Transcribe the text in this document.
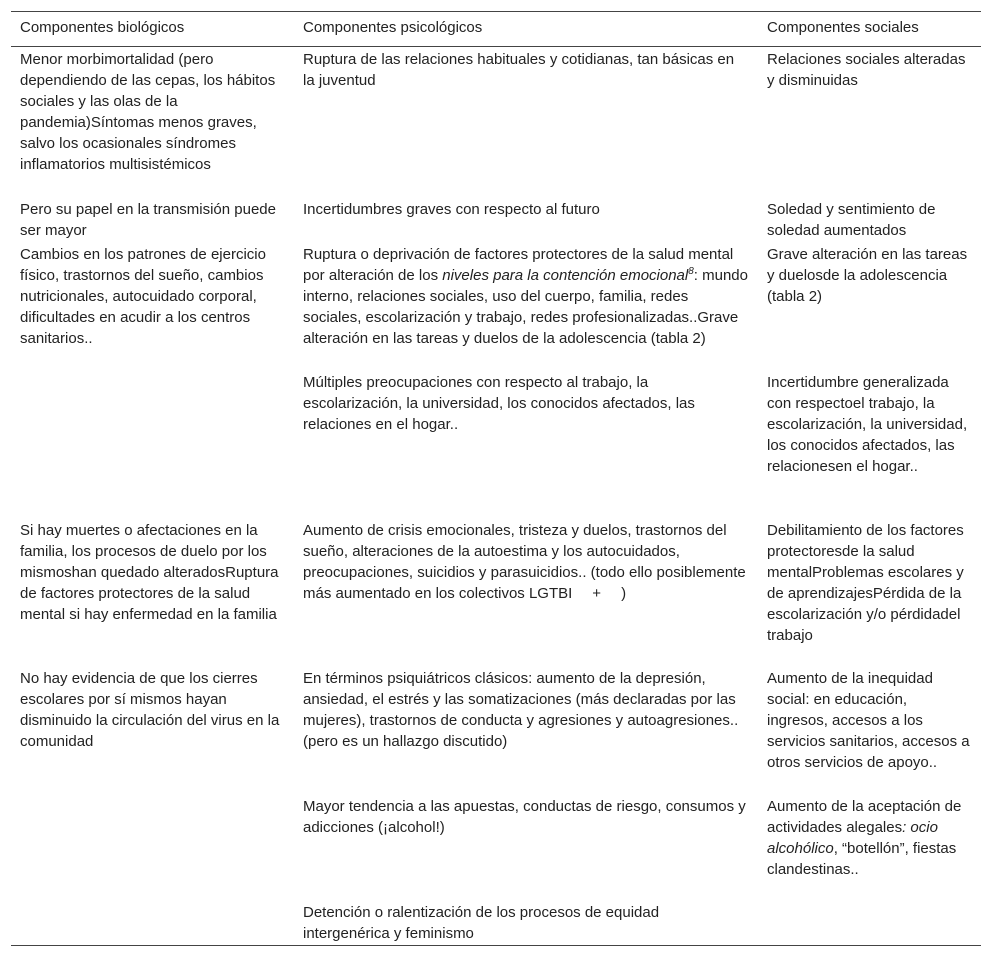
Componentes biológicos	Componentes psicológicos	Componentes sociales
Menor morbimortalidad (pero dependiendo de las cepas, los hábitos sociales y las olas de la pandemia)Síntomas menos graves, salvo los ocasionales síndromes inflamatorios multisistémicos	Ruptura de las relaciones habituales y cotidianas, tan básicas en la juventud	Relaciones sociales alteradas y disminuidas
Pero su papel en la transmisión puede ser mayor	Incertidumbres graves con respecto al futuro	Soledad y sentimiento de soledad aumentados
Cambios en los patrones de ejercicio físico, trastornos del sueño, cambios nutricionales, autocuidado corporal, dificultades en acudir a los centros sanitarios..	Ruptura o deprivación de factores protectores de la salud mental por alteración de los niveles para la contención emocional$^8$: mundo interno, relaciones sociales, uso del cuerpo, familia, redes sociales, escolarización y trabajo, redes profesionalizadas..Grave alteración en las tareas y duelos de la adolescencia (tabla 2)	Grave alteración en las tareas y duelosde la adolescencia (tabla 2)
	Múltiples preocupaciones con respecto al trabajo, la escolarización, la universidad, los conocidos afectados, las relaciones en el hogar..	Incertidumbre generalizada con respectoel trabajo, la escolarización, la universidad, los conocidos afectados, las relacionesen el hogar..
Si hay muertes o afectaciones en la familia, los procesos de duelo por los mismoshan quedado alteradosRuptura de factores protectores de la salud mental si hay enfermedad en la familia	Aumento de crisis emocionales, tristeza y duelos, trastornos del sueño, alteraciones de la autoestima y los autocuidados, preocupaciones, suicidios y parasuicidios.. (todo ello posiblemente más aumentado en los colectivos LGTBI + )	Debilitamiento de los factores protectoresde la salud mentalProblemas escolares y de aprendizajesPérdida de la escolarización y/o pérdidadel trabajo
No hay evidencia de que los cierres escolares por sí mismos hayan disminuido la circulación del virus en la comunidad	En términos psiquiátricos clásicos: aumento de la depresión, ansiedad, el estrés y las somatizaciones (más declaradas por las mujeres), trastornos de conducta y agresiones y autoagresiones.. (pero es un hallazgo discutido)	Aumento de la inequidad social: en educación, ingresos, accesos a los servicios sanitarios, accesos a otros servicios de apoyo..
	Mayor tendencia a las apuestas, conductas de riesgo, consumos y adicciones (¡alcohol!)	Aumento de la aceptación de actividades alegales: ocio alcohólico, “botellón”, fiestas clandestinas..
	Detención o ralentización de los procesos de equidad intergenérica y feminismo	
